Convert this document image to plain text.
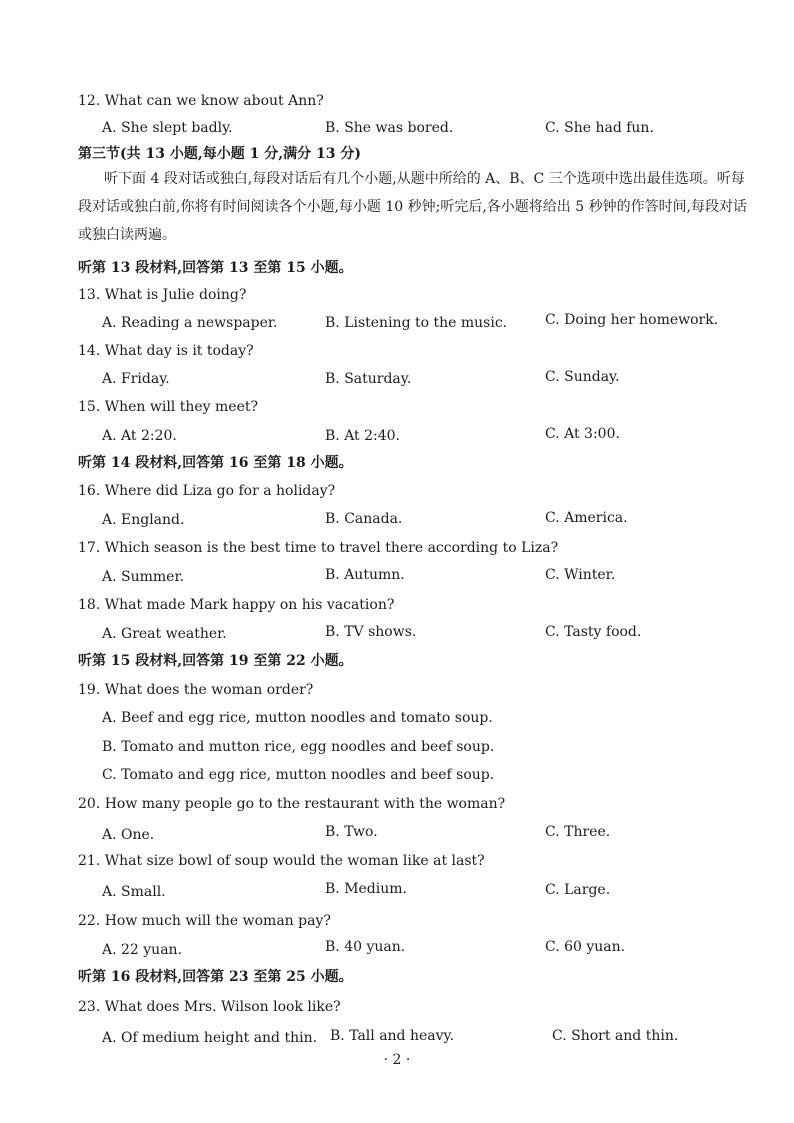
12. What can we know about Ann?
A. She slept badly.	B. She was bored.	C. She had fun.
第三节(共 13 小题,每小题 1 分,满分 13 分)
听下面 4 段对话或独白,每段对话后有几个小题,从题中所给的 A、B、C 三个选项中选出最佳选项。听每段对话或独白前,你将有时间阅读各个小题,每小题 10 秒钟;听完后,各小题将给出 5 秒钟的作答时间,每段对话或独白读两遍。
听第 13 段材料,回答第 13 至第 15 小题。
13. What is Julie doing?
A. Reading a newspaper.	B. Listening to the music.	C. Doing her homework.
14. What day is it today?
A. Friday.	B. Saturday.	C. Sunday.
15. When will they meet?
A. At 2:20.	B. At 2:40.	C. At 3:00.
听第 14 段材料,回答第 16 至第 18 小题。
16. Where did Liza go for a holiday?
A. England.	B. Canada.	C. America.
17. Which season is the best time to travel there according to Liza?
A. Summer.	B. Autumn.	C. Winter.
18. What made Mark happy on his vacation?
A. Great weather.	B. TV shows.	C. Tasty food.
听第 15 段材料,回答第 19 至第 22 小题。
19. What does the woman order?
A. Beef and egg rice, mutton noodles and tomato soup.
B. Tomato and mutton rice, egg noodles and beef soup.
C. Tomato and egg rice, mutton noodles and beef soup.
20. How many people go to the restaurant with the woman?
A. One.	B. Two.	C. Three.
21. What size bowl of soup would the woman like at last?
A. Small.	B. Medium.	C. Large.
22. How much will the woman pay?
A. 22 yuan.	B. 40 yuan.	C. 60 yuan.
听第 16 段材料,回答第 23 至第 25 小题。
23. What does Mrs. Wilson look like?
A. Of medium height and thin. B. Tall and heavy.	C. Short and thin.
· 2 ·
